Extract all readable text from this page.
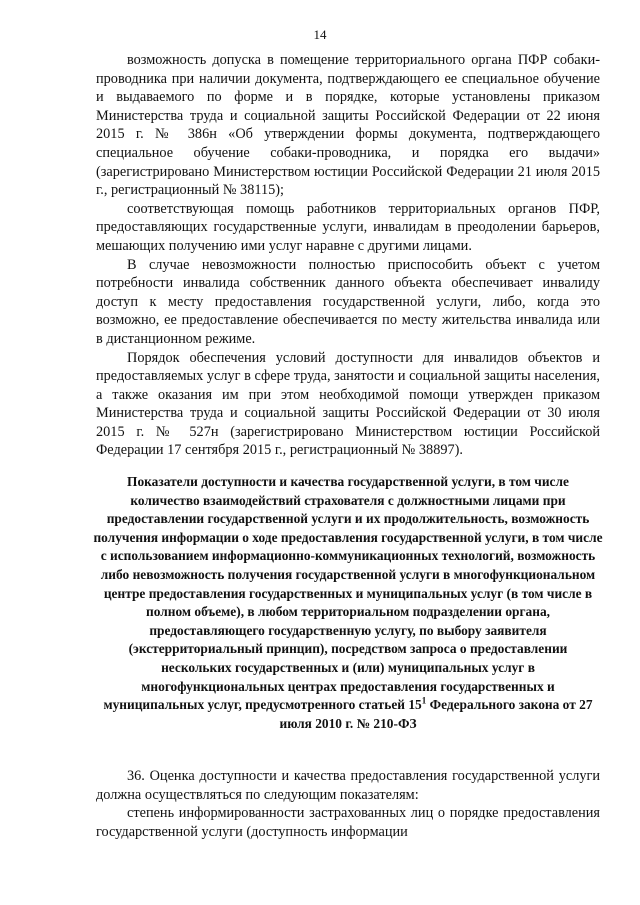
14

возможность допуска в помещение территориального органа ПФР собаки-проводника при наличии документа, подтверждающего ее специальное обучение и выдаваемого по форме и в порядке, которые установлены приказом Министерства труда и социальной защиты Российской Федерации от 22 июня 2015 г. № 386н «Об утверждении формы документа, подтверждающего специальное обучение собаки-проводника, и порядка его выдачи» (зарегистрировано Министерством юстиции Российской Федерации 21 июля 2015 г., регистрационный № 38115);

соответствующая помощь работников территориальных органов ПФР, предоставляющих государственные услуги, инвалидам в преодолении барьеров, мешающих получению ими услуг наравне с другими лицами.

В случае невозможности полностью приспособить объект с учетом потребности инвалида собственник данного объекта обеспечивает инвалиду доступ к месту предоставления государственной услуги, либо, когда это возможно, ее предоставление обеспечивается по месту жительства инвалида или в дистанционном режиме.

Порядок обеспечения условий доступности для инвалидов объектов и предоставляемых услуг в сфере труда, занятости и социальной защиты населения, а также оказания им при этом необходимой помощи утвержден приказом Министерства труда и социальной защиты Российской Федерации от 30 июля 2015 г. № 527н (зарегистрировано Министерством юстиции Российской Федерации 17 сентября 2015 г., регистрационный № 38897).

Показатели доступности и качества государственной услуги, в том числе количество взаимодействий страхователя с должностными лицами при предоставлении государственной услуги и их продолжительность, возможность получения информации о ходе предоставления государственной услуги, в том числе с использованием информационно-коммуникационных технологий, возможность либо невозможность получения государственной услуги в многофункциональном центре предоставления государственных и муниципальных услуг (в том числе в полном объеме), в любом территориальном подразделении органа, предоставляющего государственную услугу, по выбору заявителя (экстерриториальный принцип), посредством запроса о предоставлении нескольких государственных и (или) муниципальных услуг в многофункциональных центрах предоставления государственных и муниципальных услуг, предусмотренного статьей $15^1$ Федерального закона от 27 июля 2010 г. № 210-ФЗ

36. Оценка доступности и качества предоставления государственной услуги должна осуществляться по следующим показателям:

степень информированности застрахованных лиц о порядке предоставления государственной услуги (доступность информации
